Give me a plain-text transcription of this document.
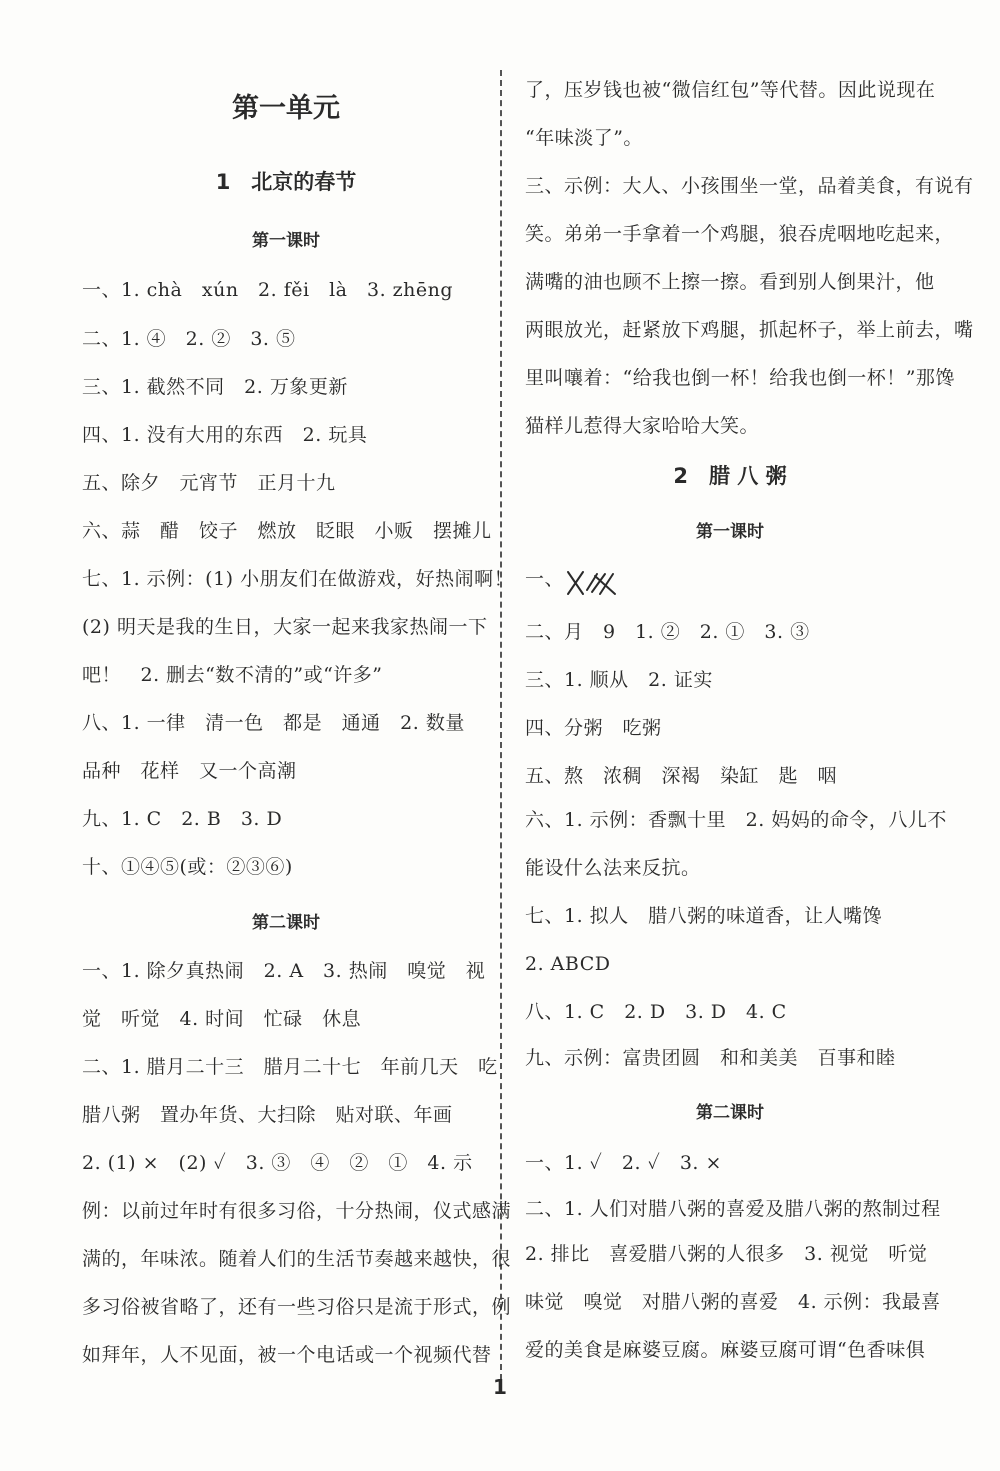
第一单元
1　北京的春节
第一课时
一、1. chà　xún　2. fěi　là　3. zhēng
二、1. ④　2. ②　3. ⑤
三、1. 截然不同　2. 万象更新
四、1. 没有大用的东西　2. 玩具
五、除夕　元宵节　正月十九
六、蒜　醋　饺子　燃放　眨眼　小贩　摆摊儿
七、1. 示例：(1) 小朋友们在做游戏，好热闹啊！
(2) 明天是我的生日，大家一起来我家热闹一下
吧！　2. 删去“数不清的”或“许多”
八、1. 一律　清一色　都是　通通　2. 数量
品种　花样　又一个高潮
九、1. C　2. B　3. D
十、①④⑤(或：②③⑥)
第二课时
一、1. 除夕真热闹　2. A　3. 热闹　嗅觉　视
觉　听觉　4. 时间　忙碌　休息
二、1. 腊月二十三　腊月二十七　年前几天　吃
腊八粥　置办年货、大扫除　贴对联、年画
2. (1) ×　(2) ✓　3. ③　④　②　①　4. 示
例：以前过年时有很多习俗，十分热闹，仪式感满
满的，年味浓。随着人们的生活节奏越来越快，很
多习俗被省略了，还有一些习俗只是流于形式，例
如拜年，人不见面，被一个电话或一个视频代替
了，压岁钱也被“微信红包”等代替。因此说现在
“年味淡了”。
三、示例：大人、小孩围坐一堂，品着美食，有说有
笑。弟弟一手拿着一个鸡腿，狼吞虎咽地吃起来，
满嘴的油也顾不上擦一擦。看到别人倒果汁，他
两眼放光，赶紧放下鸡腿，抓起杯子，举上前去，嘴
里叫嚷着：“给我也倒一杯！给我也倒一杯！”那馋
猫样儿惹得大家哈哈大笑。
2　腊 八 粥
第一课时
一、
二、月　9　1. ②　2. ①　3. ③
三、1. 顺从　2. 证实
四、分粥　吃粥
五、熬　浓稠　深褐　染缸　匙　咽
六、1. 示例：香飘十里　2. 妈妈的命令，八儿不
能设什么法来反抗。
七、1. 拟人　腊八粥的味道香，让人嘴馋
2. ABCD
八、1. C　2. D　3. D　4. C
九、示例：富贵团圆　和和美美　百事和睦
第二课时
一、1. ✓　2. ✓　3. ×
二、1. 人们对腊八粥的喜爱及腊八粥的熬制过程
2. 排比　喜爱腊八粥的人很多　3. 视觉　听觉
味觉　嗅觉　对腊八粥的喜爱　4. 示例：我最喜
爱的美食是麻婆豆腐。麻婆豆腐可谓“色香味俱
1
